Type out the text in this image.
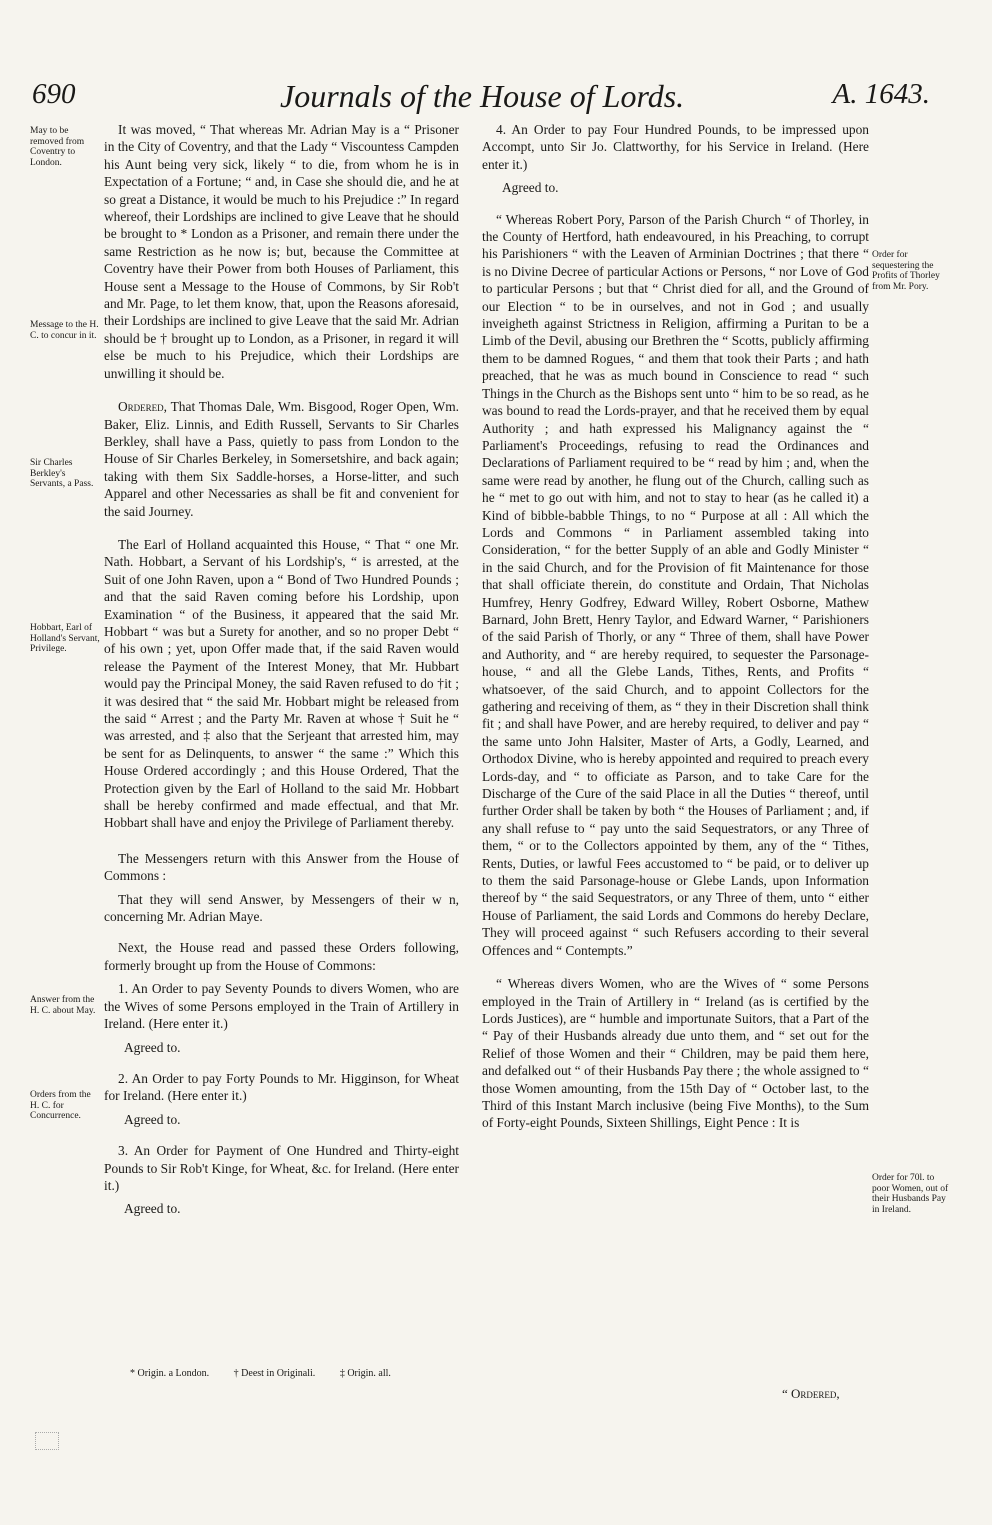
690	Journals of the House of Lords.	A. 1643.
May to be removed from Coventry to London.
Message to the H. C. to concur in it.
Sir Charles Berkley's Servants, a Pass.
Hobbart, Earl of Holland's Servant, Privilege.
Answer from the H. C. about May.
Orders from the H. C. for Concurrence.
Order for sequestering the Profits of Thorley from Mr. Pory.
Order for 70l. to poor Women, out of their Husbands Pay in Ireland.

It was moved, “ That whereas Mr. Adrian May is a “ Prisoner in the City of Coventry, and that the Lady “ Viscountess Campden his Aunt being very sick, likely “ to die, from whom he is in Expectation of a Fortune; “ and, in Case she should die, and he at so great a Distance, it would be much to his Prejudice :” In regard whereof, their Lordships are inclined to give Leave that he should be brought to * London as a Prisoner, and remain there under the same Restriction as he now is; but, because the Committee at Coventry have their Power from both Houses of Parliament, this House sent a Message to the House of Commons, by Sir Rob't and Mr. Page, to let them know, that, upon the Reasons aforesaid, their Lordships are inclined to give Leave that the said Mr. Adrian should be † brought up to London, as a Prisoner, in regard it will else be much to his Prejudice, which their Lordships are unwilling it should be.

Ordered, That Thomas Dale, Wm. Bisgood, Roger Open, Wm. Baker, Eliz. Linnis, and Edith Russell, Servants to Sir Charles Berkley, shall have a Pass, quietly to pass from London to the House of Sir Charles Berkeley, in Somersetshire, and back again; taking with them Six Saddle-horses, a Horse-litter, and such Apparel and other Necessaries as shall be fit and convenient for the said Journey.

The Earl of Holland acquainted this House, “ That “ one Mr. Nath. Hobbart, a Servant of his Lordship's, “ is arrested, at the Suit of one John Raven, upon a “ Bond of Two Hundred Pounds ; and that the said Raven coming before his Lordship, upon Examination “ of the Business, it appeared that the said Mr. Hobbart “ was but a Surety for another, and so no proper Debt “ of his own ; yet, upon Offer made that, if the said Raven would release the Payment of the Interest Money, that Mr. Hubbart would pay the Principal Money, the said Raven refused to do †it ; it was desired that “ the said Mr. Hobbart might be released from the said “ Arrest ; and the Party Mr. Raven at whose † Suit he “ was arrested, and ‡ also that the Serjeant that arrested him, may be sent for as Delinquents, to answer “ the same :” Which this House Ordered accordingly ; and this House Ordered, That the Protection given by the Earl of Holland to the said Mr. Hobbart shall be hereby confirmed and made effectual, and that Mr. Hobbart shall have and enjoy the Privilege of Parliament thereby.

The Messengers return with this Answer from the House of Commons :

That they will send Answer, by Messengers of their w n, concerning Mr. Adrian Maye.

Next, the House read and passed these Orders following, formerly brought up from the House of Commons:

1. An Order to pay Seventy Pounds to divers Women, who are the Wives of some Persons employed in the Train of Artillery in Ireland. (Here enter it.)

Agreed to.

2. An Order to pay Forty Pounds to Mr. Higginson, for Wheat for Ireland. (Here enter it.)

Agreed to.

3. An Order for Payment of One Hundred and Thirty-eight Pounds to Sir Rob't Kinge, for Wheat, &c. for Ireland. (Here enter it.)

Agreed to.

4. An Order to pay Four Hundred Pounds, to be impressed upon Accompt, unto Sir Jo. Clattworthy, for his Service in Ireland. (Here enter it.)

Agreed to.

“ Whereas Robert Pory, Parson of the Parish Church “ of Thorley, in the County of Hertford, hath endeavoured, in his Preaching, to corrupt his Parishioners “ with the Leaven of Arminian Doctrines ; that there “ is no Divine Decree of particular Actions or Persons, “ nor Love of God to particular Persons ; but that “ Christ died for all, and the Ground of our Election “ to be in ourselves, and not in God ; and usually inveigheth against Strictness in Religion, affirming a Puritan to be a Limb of the Devil, abusing our Brethren the “ Scotts, publicly affirming them to be damned Rogues, “ and them that took their Parts ; and hath preached, that he was as much bound in Conscience to read “ such Things in the Church as the Bishops sent unto “ him to be so read, as he was bound to read the Lords-prayer, and that he received them by equal Authority ; and hath expressed his Malignancy against the “ Parliament's Proceedings, refusing to read the Ordinances and Declarations of Parliament required to be “ read by him ; and, when the same were read by another, he flung out of the Church, calling such as he “ met to go out with him, and not to stay to hear (as he called it) a Kind of bibble-babble Things, to no “ Purpose at all : All which the Lords and Commons “ in Parliament assembled taking into Consideration, “ for the better Supply of an able and Godly Minister “ in the said Church, and for the Provision of fit Maintenance for those that shall officiate therein, do constitute and Ordain, That Nicholas Humfrey, Henry Godfrey, Edward Willey, Robert Osborne, Mathew Barnard, John Brett, Henry Taylor, and Edward Warner, “ Parishioners of the said Parish of Thorly, or any “ Three of them, shall have Power and Authority, and “ are hereby required, to sequester the Parsonage-house, “ and all the Glebe Lands, Tithes, Rents, and Profits “ whatsoever, of the said Church, and to appoint Collectors for the gathering and receiving of them, as “ they in their Discretion shall think fit ; and shall have Power, and are hereby required, to deliver and pay “ the same unto John Halsiter, Master of Arts, a Godly, Learned, and Orthodox Divine, who is hereby appointed and required to preach every Lords-day, and “ to officiate as Parson, and to take Care for the Discharge of the Cure of the said Place in all the Duties “ thereof, until further Order shall be taken by both “ the Houses of Parliament ; and, if any shall refuse to “ pay unto the said Sequestrators, or any Three of them, “ or to the Collectors appointed by them, any of the “ Tithes, Rents, Duties, or lawful Fees accustomed to “ be paid, or to deliver up to them the said Parsonage-house or Glebe Lands, upon Information thereof by “ the said Sequestrators, or any Three of them, unto “ either House of Parliament, the said Lords and Commons do hereby Declare, They will proceed against “ such Refusers according to their several Offences and “ Contempts.”

“ Whereas divers Women, who are the Wives of “ some Persons employed in the Train of Artillery in “ Ireland (as is certified by the Lords Justices), are “ humble and importunate Suitors, that a Part of the “ Pay of their Husbands already due unto them, and “ set out for the Relief of those Women and their “ Children, may be paid them here, and defalked out “ of their Husbands Pay there ; the whole assigned to “ those Women amounting, from the 15th Day of “ October last, to the Third of this Instant March inclusive (being Five Months), to the Sum of Forty-eight Pounds, Sixteen Shillings, Eight Pence : It is

* Origin. a London. † Deest in Originali. ‡ Origin. all.
“ Ordered,
